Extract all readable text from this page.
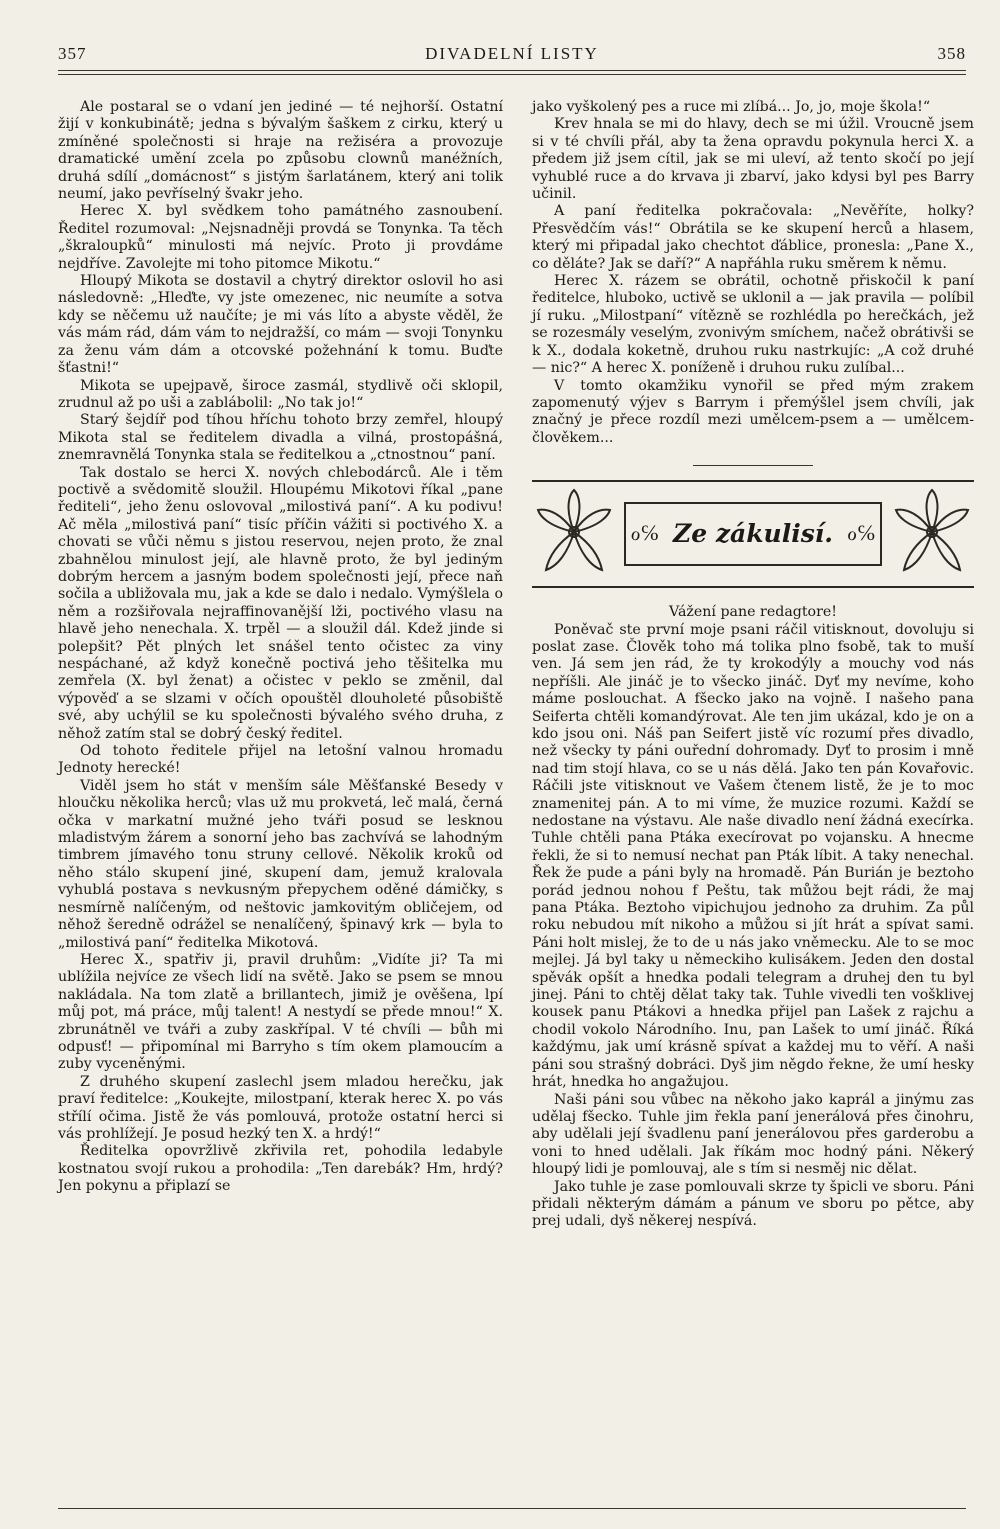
357	DIVADELNÍ LISTY	358

Ale postaral se o vdaní jen jediné — té nejhorší. Ostatní žijí v konkubinátě; jedna s bývalým šaškem z cirku, který u zmíněné společnosti si hraje na režiséra a provozuje dramatické umění zcela po způsobu clownů manéžních, druhá sdílí „domácnost“ s jistým šarlatánem, který ani tolik neumí, jako pevříselný švakr jeho.

Herec X. byl svědkem toho památného zasnoubení. Ředitel rozumoval: „Nejsnadněji provdá se Tonynka. Ta těch „škraloupků“ minulosti má nejvíc. Proto ji provdáme nejdříve. Zavolejte mi toho pitomce Mikotu.“

Hloupý Mikota se dostavil a chytrý direktor oslovil ho asi následovně: „Hleďte, vy jste omezenec, nic neumíte a sotva kdy se něčemu už naučíte; je mi vás líto a abyste věděl, že vás mám rád, dám vám to nejdražší, co mám — svoji Tonynku za ženu vám dám a otcovské požehnání k tomu. Buďte šťastni!“

Mikota se upejpavě, široce zasmál, stydlivě oči sklopil, zrudnul až po uši a zablábolil: „No tak jo!“

Starý šejdíř pod tíhou hříchu tohoto brzy zemřel, hloupý Mikota stal se ředitelem divadla a vilná, prostopášná, znemravnělá Tonynka stala se ředitelkou a „ctnostnou“ paní.

Tak dostalo se herci X. nových chlebodárců. Ale i těm poctivě a svědomitě sloužil. Hloupému Mikotovi říkal „pane řediteli“, jeho ženu oslovoval „milostivá paní“. A ku podivu! Ač měla „milostivá paní“ tisíc příčin vážiti si poctivého X. a chovati se vůči němu s jistou reservou, nejen proto, že znal zbahnělou minulost její, ale hlavně proto, že byl jediným dobrým hercem a jasným bodem společnosti její, přece naň sočila a ubližovala mu, jak a kde se dalo i nedalo. Vymýšlela o něm a rozšiřovala nejraffinovanější lži, poctivého vlasu na hlavě jeho nenechala. X. trpěl — a sloužil dál. Kdež jinde si polepšit? Pět plných let snášel tento očistec za viny nespáchané, až když konečně poctivá jeho těšitelka mu zemřela (X. byl ženat) a očistec v peklo se změnil, dal výpověď a se slzami v očích opouštěl dlouholeté působiště své, aby uchýlil se ku společnosti bývalého svého druha, z něhož zatím stal se dobrý český ředitel.

Od tohoto ředitele přijel na letošní valnou hromadu Jednoty herecké!

Viděl jsem ho stát v menším sále Měšťanské Besedy v hloučku několika herců; vlas už mu prokvetá, leč malá, černá očka v markatní mužné jeho tváři posud se lesknou mladistvým žárem a sonorní jeho bas zachvívá se lahodným timbrem jímavého tonu struny cellové. Několik kroků od něho stálo skupení jiné, skupení dam, jemuž kralovala vyhublá postava s nevkusným přepychem oděné dámičky, s nesmírně nalíčeným, od neštovic jamkovitým obličejem, od něhož šeredně odrážel se nenalíčený, špinavý krk — byla to „milostivá paní“ ředitelka Mikotová.

Herec X., spatřiv ji, pravil druhům: „Vidíte ji? Ta mi ublížila nejvíce ze všech lidí na světě. Jako se psem se mnou nakládala. Na tom zlatě a brillantech, jimiž je ověšena, lpí můj pot, má práce, můj talent! A nestydí se přede mnou!“ X. zbrunátněl ve tváři a zuby zaskřípal. V té chvíli — bůh mi odpusť! — připomínal mi Barryho s tím okem plamoucím a zuby vyceněnými.

Z druhého skupení zaslechl jsem mladou herečku, jak praví ředitelce: „Koukejte, milostpaní, kterak herec X. po vás střílí očima. Jistě že vás pomlouvá, protože ostatní herci si vás prohlížejí. Je posud hezký ten X. a hrdý!“

Ředitelka opovržlivě zkřivila ret, pohodila ledabyle kostnatou svojí rukou a prohodila: „Ten darebák? Hm, hrdý? Jen pokynu a připlazí se

jako vyškolený pes a ruce mi zlíbá... Jo, jo, moje škola!“

Krev hnala se mi do hlavy, dech se mi úžil. Vroucně jsem si v té chvíli přál, aby ta žena opravdu pokynula herci X. a předem již jsem cítil, jak se mi uleví, až tento skočí po její vyhublé ruce a do krvava ji zbarví, jako kdysi byl pes Barry učinil.

A paní ředitelka pokračovala: „Nevěříte, holky? Přesvědčím vás!“ Obrátila se ke skupení herců a hlasem, který mi připadal jako chechtot ďáblice, pronesla: „Pane X., co děláte? Jak se daří?“ A napřáhla ruku směrem k němu.

Herec X. rázem se obrátil, ochotně přiskočil k paní ředitelce, hluboko, uctivě se uklonil a — jak pravila — políbil jí ruku. „Milostpaní“ vítězně se rozhlédla po herečkách, jež se rozesmály veselým, zvonivým smíchem, načež obrátivši se k X., dodala koketně, druhou ruku nastrkujíc: „A což druhé — nic?“ A herec X. poníženě i druhou ruku zulíbal...

V tomto okamžiku vynořil se před mým zrakem zapomenutý výjev s Barrym i přemýšlel jsem chvíli, jak značný je přece rozdíl mezi umělcem-psem a — umělcem-člověkem...

ℴ℅ Ze zákulisí. ℴ℅

Vážení pane redagtore!

Poněvač ste první moje psani ráčil vitisknout, dovoluju si poslat zase. Člověk toho má tolika plno fsobě, tak to muší ven. Já sem jen rád, že ty krokodýly a mouchy vod nás nepříšli. Ale jináč je to všecko jináč. Dyť my nevíme, koho máme poslouchat. A fšecko jako na vojně. I našeho pana Seiferta chtěli komandýrovat. Ale ten jim ukázal, kdo je on a kdo jsou oni. Náš pan Seifert jistě víc rozumí přes divadlo, než všecky ty páni ouřední dohromady. Dyť to prosim i mně nad tim stojí hlava, co se u nás dělá. Jako ten pán Kovařovic. Ráčili jste vitisknout ve Vašem čtenem listě, že je to moc znamenitej pán. A to mi víme, že muzice rozumi. Každí se nedostane na výstavu. Ale naše divadlo není žádná execírka. Tuhle chtěli pana Ptáka execírovat po vojansku. A hnecme řekli, že si to nemusí nechat pan Pták líbit. A taky nenechal. Řek že pude a páni byly na hromadě. Pán Burián je beztoho porád jednou nohou f Peštu, tak můžou bejt rádi, že maj pana Ptáka. Beztoho vipichujou jednoho za druhim. Za půl roku nebudou mít nikoho a můžou si jít hrát a spívat sami. Páni holt mislej, že to de u nás jako vněmecku. Ale to se moc mejlej. Já byl taky u německiho kulisákem. Jeden den dostal spěvák opšít a hnedka podali telegram a druhej den tu byl jinej. Páni to chtěj dělat taky tak. Tuhle vivedli ten vošklivej kousek panu Ptákovi a hnedka přijel pan Lašek z rajchu a chodil vokolo Národního. Inu, pan Lašek to umí jináč. Říká každýmu, jak umí krásně spívat a každej mu to věří. A naši páni sou strašný dobráci. Dyš jim něgdo řekne, že umí hesky hrát, hnedka ho angažujou.

Naši páni sou vůbec na někoho jako kaprál a jinýmu zas udělaj fšecko. Tuhle jim řekla paní jenerálová přes činohru, aby udělali její švadlenu paní jenerálovou přes garderobu a voni to hned udělali. Jak říkám moc hodný páni. Někerý hloupý lidi je pomlouvaj, ale s tím si nesměj nic dělat.

Jako tuhle je zase pomlouvali skrze ty špicli ve sboru. Páni přidali některým dámám a pánum ve sboru po pětce, aby prej udali, dyš někerej nespívá.
